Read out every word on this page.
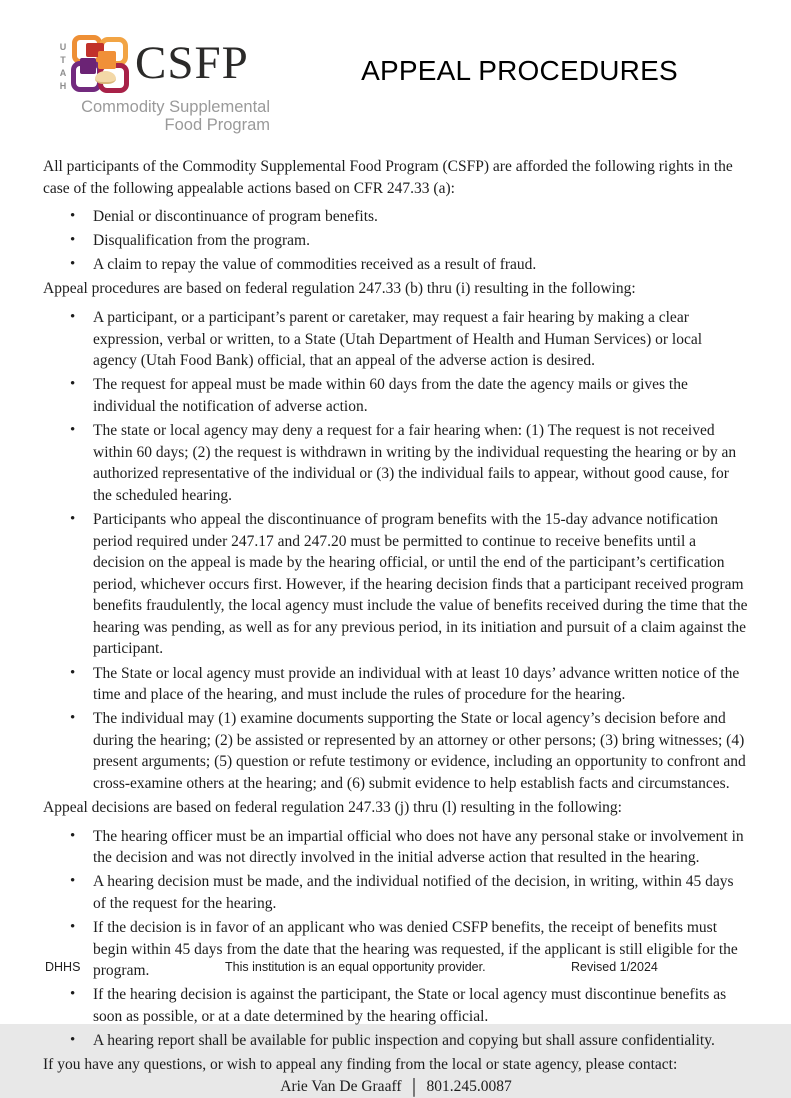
UTAH CSFP
Commodity Supplemental
Food Program
APPEAL PROCEDURES

All participants of the Commodity Supplemental Food Program (CSFP) are afforded the following rights in the case of the following appealable actions based on CFR 247.33 (a):

• Denial or discontinuance of program benefits.
• Disqualification from the program.
• A claim to repay the value of commodities received as a result of fraud.

Appeal procedures are based on federal regulation 247.33 (b) thru (i) resulting in the following:

• A participant, or a participant’s parent or caretaker, may request a fair hearing by making a clear expression, verbal or written, to a State (Utah Department of Health and Human Services) or local agency (Utah Food Bank) official, that an appeal of the adverse action is desired.
• The request for appeal must be made within 60 days from the date the agency mails or gives the individual the notification of adverse action.
• The state or local agency may deny a request for a fair hearing when: (1) The request is not received within 60 days; (2) the request is withdrawn in writing by the individual requesting the hearing or by an authorized representative of the individual or (3) the individual fails to appear, without good cause, for the scheduled hearing.
• Participants who appeal the discontinuance of program benefits with the 15-day advance notification period required under 247.17 and 247.20 must be permitted to continue to receive benefits until a decision on the appeal is made by the hearing official, or until the end of the participant’s certification period, whichever occurs first. However, if the hearing decision finds that a participant received program benefits fraudulently, the local agency must include the value of benefits received during the time that the hearing was pending, as well as for any previous period, in its initiation and pursuit of a claim against the participant.
• The State or local agency must provide an individual with at least 10 days’ advance written notice of the time and place of the hearing, and must include the rules of procedure for the hearing.
• The individual may (1) examine documents supporting the State or local agency’s decision before and during the hearing; (2) be assisted or represented by an attorney or other persons; (3) bring witnesses; (4) present arguments; (5) question or refute testimony or evidence, including an opportunity to confront and cross-examine others at the hearing; and (6) submit evidence to help establish facts and circumstances.

Appeal decisions are based on federal regulation 247.33 (j) thru (l) resulting in the following:

• The hearing officer must be an impartial official who does not have any personal stake or involvement in the decision and was not directly involved in the initial adverse action that resulted in the hearing.
• A hearing decision must be made, and the individual notified of the decision, in writing, within 45 days of the request for the hearing.
• If the decision is in favor of an applicant who was denied CSFP benefits, the receipt of benefits must begin within 45 days from the date that the hearing was requested, if the applicant is still eligible for the program.
• If the hearing decision is against the participant, the State or local agency must discontinue benefits as soon as possible, or at a date determined by the hearing official.
• A hearing report shall be available for public inspection and copying but shall assure confidentiality.

If you have any questions, or wish to appeal any finding from the local or state agency, please contact:

Arie Van De Graaff │ 801.245.0087

DHHS	This institution is an equal opportunity provider.	Revised 1/2024
